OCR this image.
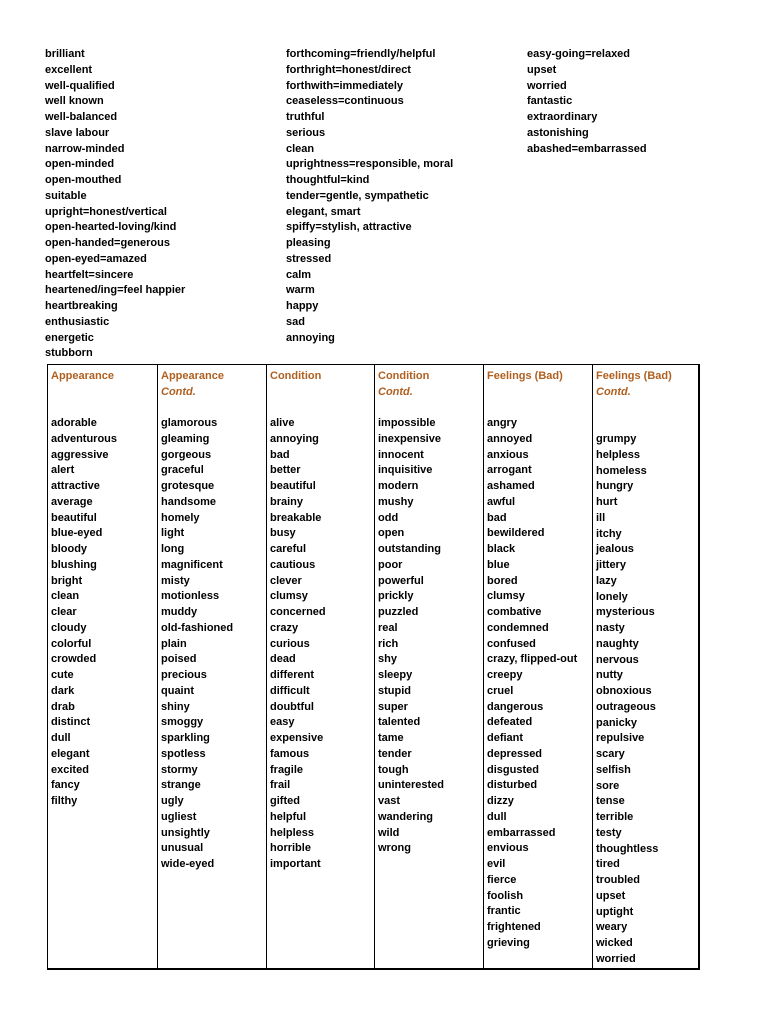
brilliant
excellent
well-qualified
well known
well-balanced
slave labour
narrow-minded
open-minded
open-mouthed
suitable
upright=honest/vertical
open-hearted-loving/kind
open-handed=generous
open-eyed=amazed
heartfelt=sincere
heartened/ing=feel happier
heartbreaking
enthusiastic
energetic
stubborn
forthcoming=friendly/helpful
forthright=honest/direct
forthwith=immediately
ceaseless=continuous
truthful
serious
clean
uprightness=responsible, moral
thoughtful=kind
tender=gentle, sympathetic
elegant, smart
spiffy=stylish, attractive
pleasing
stressed
calm
warm
happy
sad
annoying
easy-going=relaxed
upset
worried
fantastic
extraordinary
astonishing
abashed=embarrassed
Appearance
adorable
adventurous
aggressive
alert
attractive
average
beautiful
blue-eyed
bloody
blushing
bright
clean
clear
cloudy
colorful
crowded
cute
dark
drab
distinct
dull
elegant
excited
fancy
filthy
Appearance
Contd.
glamorous
gleaming
gorgeous
graceful
grotesque
handsome
homely
light
long
magnificent
misty
motionless
muddy
old-fashioned
plain
poised
precious
quaint
shiny
smoggy
sparkling
spotless
stormy
strange
ugly
ugliest
unsightly
unusual
wide-eyed
Condition
alive
annoying
bad
better
beautiful
brainy
breakable
busy
careful
cautious
clever
clumsy
concerned
crazy
curious
dead
different
difficult
doubtful
easy
expensive
famous
fragile
frail
gifted
helpful
helpless
horrible
important
Condition
Contd.
impossible
inexpensive
innocent
inquisitive
modern
mushy
odd
open
outstanding
poor
powerful
prickly
puzzled
real
rich
shy
sleepy
stupid
super
talented
tame
tender
tough
uninterested
vast
wandering
wild
wrong
Feelings (Bad)
angry
annoyed
anxious
arrogant
ashamed
awful
bad
bewildered
black
blue
bored
clumsy
combative
condemned
confused
crazy, flipped-out
creepy
cruel
dangerous
defeated
defiant
depressed
disgusted
disturbed
dizzy
dull
embarrassed
envious
evil
fierce
foolish
frantic
frightened
grieving
Feelings (Bad)
Contd.
grumpy
helpless
homeless
hungry
hurt
ill
itchy
jealous
jittery
lazy
lonely
mysterious
nasty
naughty
nervous
nutty
obnoxious
outrageous
panicky
repulsive
scary
selfish
sore
tense
terrible
testy
thoughtless
tired
troubled
upset
uptight
weary
wicked
worried
